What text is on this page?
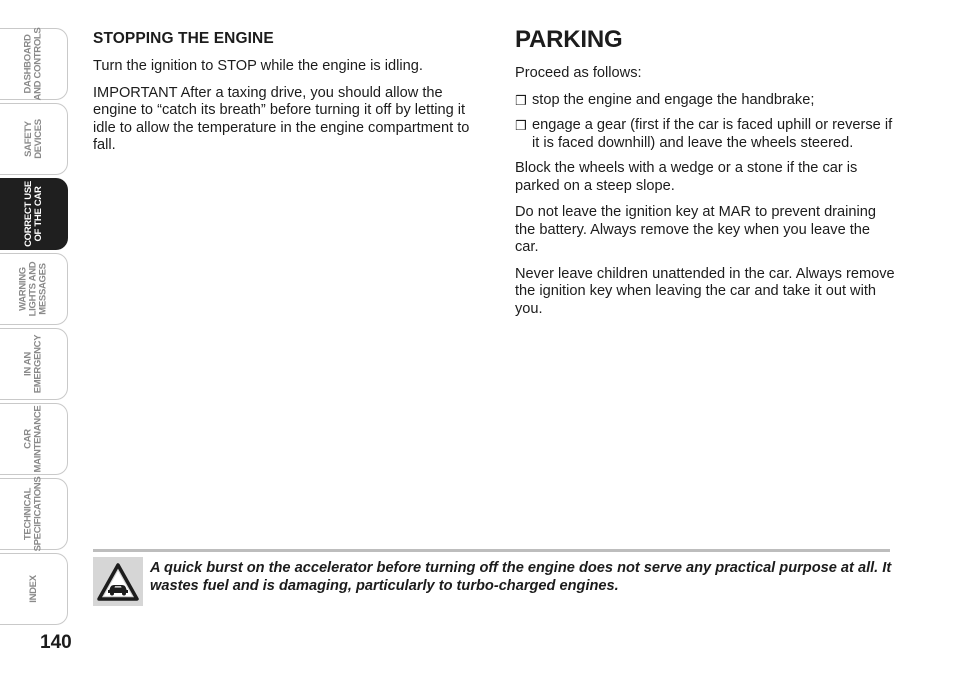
DASHBOARD
AND CONTROLS
SAFETY
DEVICES
CORRECT USE
OF THE CAR
WARNING
LIGHTS AND
MESSAGES
IN AN
EMERGENCY
CAR
MAINTENANCE
TECHNICAL
SPECIFICATIONS
INDEX
140
STOPPING THE ENGINE

Turn the ignition to STOP while the engine is idling.

IMPORTANT After a taxing drive, you should allow the engine to “catch its breath” before turning it off by letting it idle to allow the temperature in the engine compartment to fall.

PARKING

Proceed as follows:

❒ stop the engine and engage the handbrake;
❒ engage a gear (first if the car is faced uphill or reverse if it is faced downhill) and leave the wheels steered.

Block the wheels with a wedge or a stone if the car is parked on a steep slope.

Do not leave the ignition key at MAR to prevent draining the battery. Always remove the key when you leave the car.

Never leave children unattended in the car. Always remove the ignition key when leaving the car and take it out with you.

A quick burst on the accelerator before turning off the engine does not serve any practical purpose at all. It wastes fuel and is damaging, particularly to turbo-charged engines.
